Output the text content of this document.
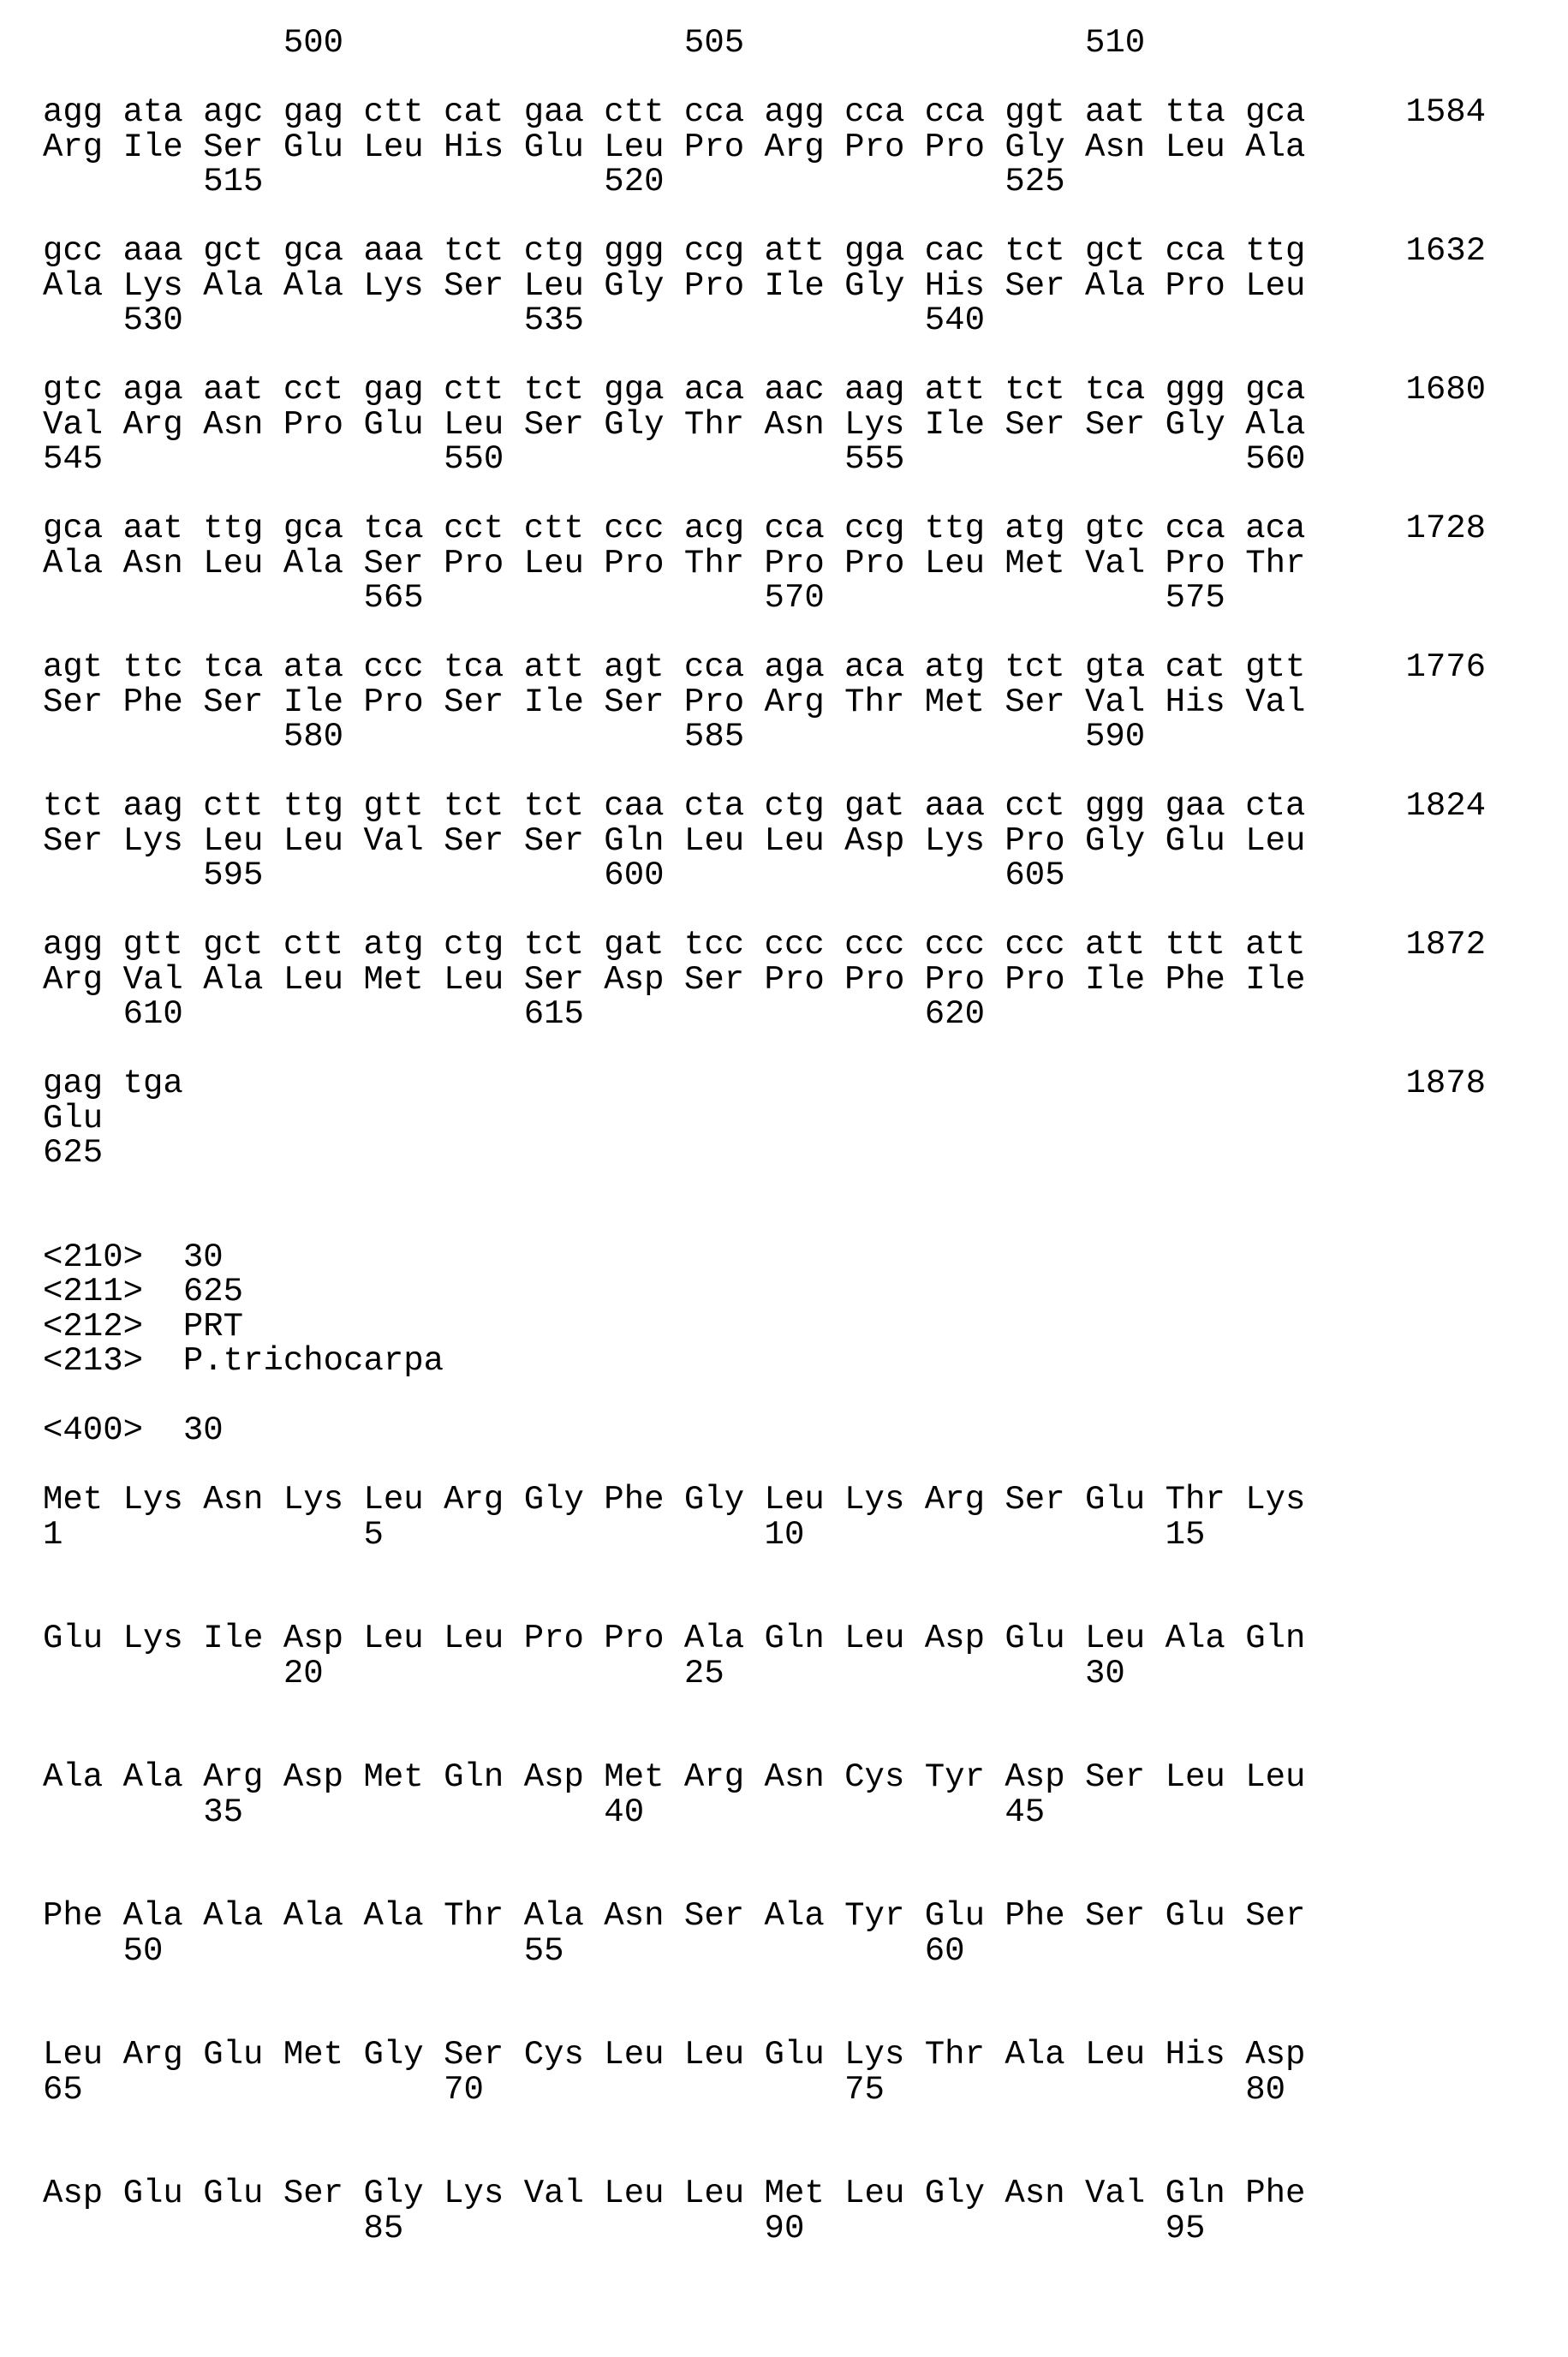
500                 505                 510
agg ata agc gag ctt cat gaa ctt cca agg cca cca ggt aat tta gca	1584
Arg Ile Ser Glu Leu His Glu Leu Pro Arg Pro Pro Gly Asn Leu Ala
515                 520                 525
gcc aaa gct gca aaa tct ctg ggg ccg att gga cac tct gct cca ttg	1632
Ala Lys Ala Ala Lys Ser Leu Gly Pro Ile Gly His Ser Ala Pro Leu
530                 535                 540
gtc aga aat cct gag ctt tct gga aca aac aag att tct tca ggg gca	1680
Val Arg Asn Pro Glu Leu Ser Gly Thr Asn Lys Ile Ser Ser Gly Ala
545                 550                 555                 560
gca aat ttg gca tca cct ctt ccc acg cca ccg ttg atg gtc cca aca	1728
Ala Asn Leu Ala Ser Pro Leu Pro Thr Pro Pro Leu Met Val Pro Thr
565                 570                 575
agt ttc tca ata ccc tca att agt cca aga aca atg tct gta cat gtt	1776
Ser Phe Ser Ile Pro Ser Ile Ser Pro Arg Thr Met Ser Val His Val
580                 585                 590
tct aag ctt ttg gtt tct tct caa cta ctg gat aaa cct ggg gaa cta	1824
Ser Lys Leu Leu Val Ser Ser Gln Leu Leu Asp Lys Pro Gly Glu Leu
595                 600                 605
agg gtt gct ctt atg ctg tct gat tcc ccc ccc ccc ccc att ttt att	1872
Arg Val Ala Leu Met Leu Ser Asp Ser Pro Pro Pro Pro Ile Phe Ile
610                 615                 620
gag tga	1878
Glu
625
<210> 30
<211> 625
<212> PRT
<213> P.trichocarpa
<400> 30
Met Lys Asn Lys Leu Arg Gly Phe Gly Leu Lys Arg Ser Glu Thr Lys
1               5                   10                  15
Glu Lys Ile Asp Leu Leu Pro Pro Ala Gln Leu Asp Glu Leu Ala Gln
20                  25                  30
Ala Ala Arg Asp Met Gln Asp Met Arg Asn Cys Tyr Asp Ser Leu Leu
35                  40                  45
Phe Ala Ala Ala Ala Thr Ala Asn Ser Ala Tyr Glu Phe Ser Glu Ser
50                  55                  60
Leu Arg Glu Met Gly Ser Cys Leu Leu Glu Lys Thr Ala Leu His Asp
65                  70                  75                  80
Asp Glu Glu Ser Gly Lys Val Leu Leu Met Leu Gly Asn Val Gln Phe
85                  90                  95
